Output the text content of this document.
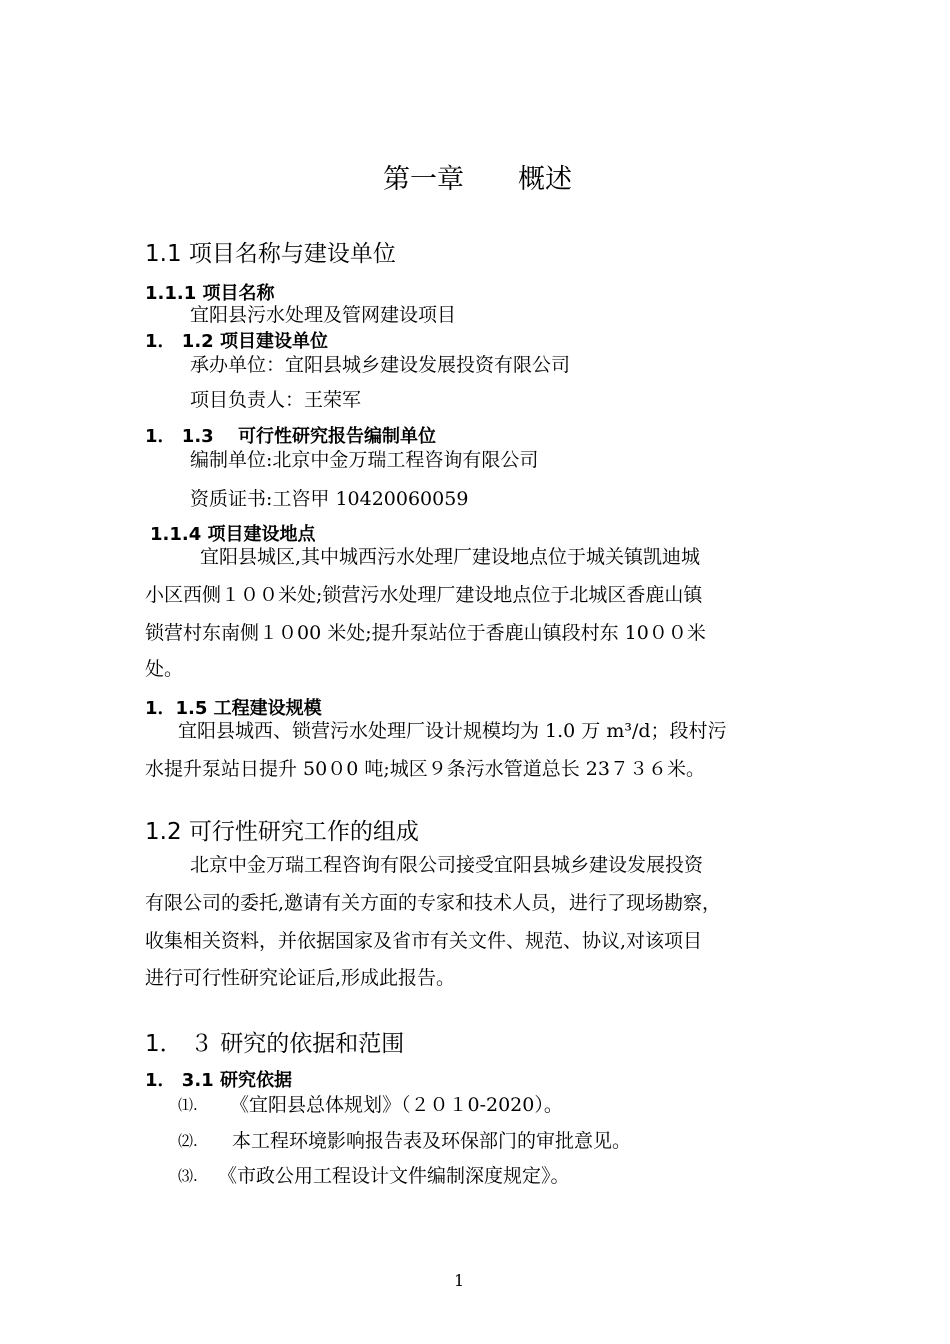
第一章　　概述
1.1 项目名称与建设单位
1.1.1 项目名称
宜阳县污水处理及管网建设项目
1． 1.2 项目建设单位
承办单位：宜阳县城乡建设发展投资有限公司
项目负责人：王荣军
1． 1.3　 可行性研究报告编制单位
编制单位:北京中金万瑞工程咨询有限公司
资质证书:工咨甲 10420060059
1.1.4 项目建设地点
宜阳县城区,其中城西污水处理厂建设地点位于城关镇凯迪城
小区西侧１００米处;锁营污水处理厂建设地点位于北城区香鹿山镇
锁营村东南侧１０00 米处;提升泵站位于香鹿山镇段村东 10００米
处。
1．1.5 工程建设规模
宜阳县城西、锁营污水处理厂设计规模均为 1.0 万 m³/d；段村污
水提升泵站日提升 50０0 吨;城区９条污水管道总长 23７３６米。
1.2 可行性研究工作的组成
北京中金万瑞工程咨询有限公司接受宜阳县城乡建设发展投资
有限公司的委托,邀请有关方面的专家和技术人员，进行了现场勘察，
收集相关资料，并依据国家及省市有关文件、规范、协议,对该项目
进行可行性研究论证后,形成此报告。
1． ３ 研究的依据和范围
1． 3.1 研究依据
⑴. 《宜阳县总体规划》（２０１0-2020）。
⑵. 本工程环境影响报告表及环保部门的审批意见。
⑶. 《市政公用工程设计文件编制深度规定》。
1
